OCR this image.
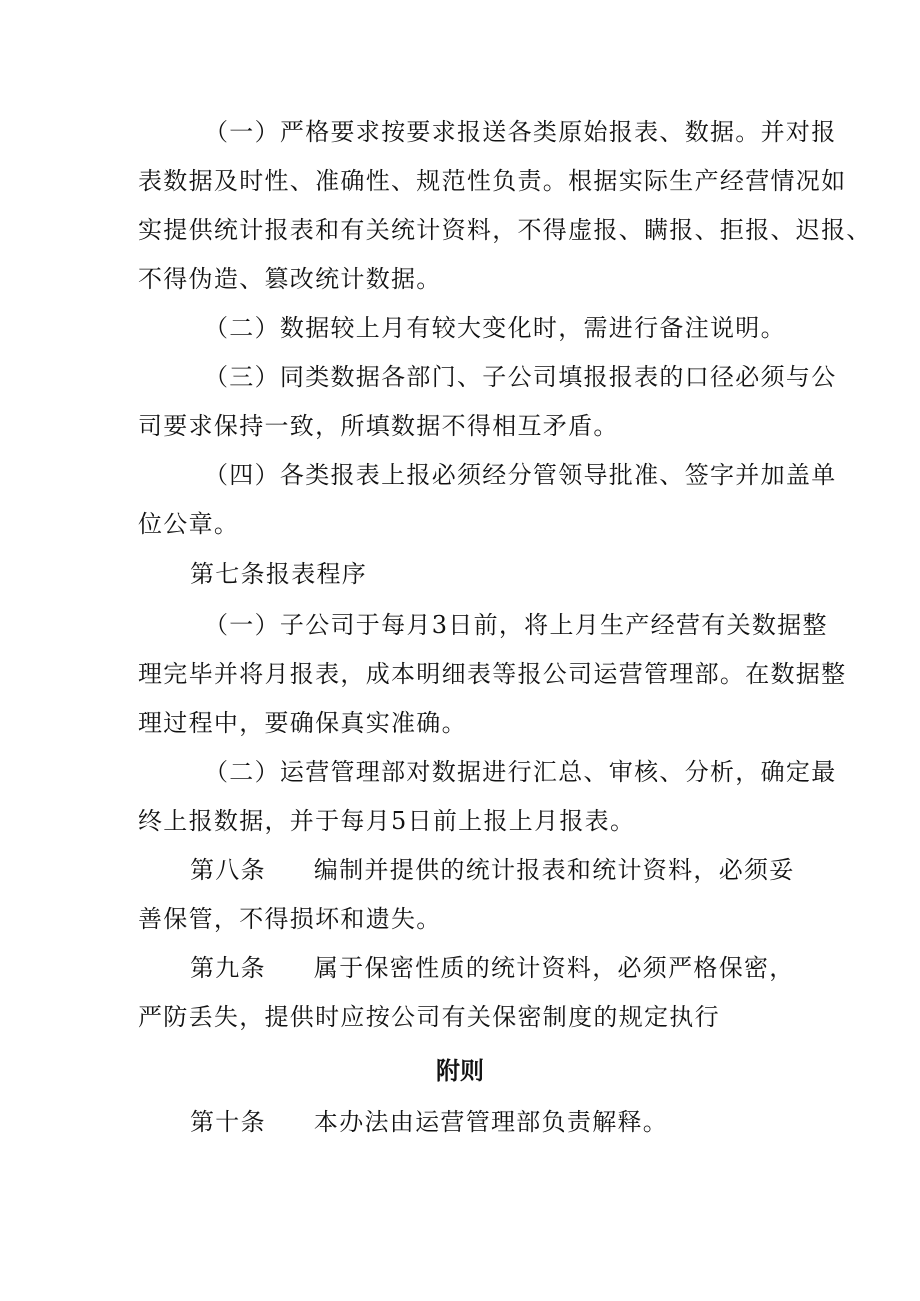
（一）严格要求按要求报送各类原始报表、数据。并对报
表数据及时性、准确性、规范性负责。根据实际生产经营情况如
实提供统计报表和有关统计资料，不得虚报、瞒报、拒报、迟报、
不得伪造、篡改统计数据。
（二）数据较上月有较大变化时，需进行备注说明。
（三）同类数据各部门、子公司填报报表的口径必须与公
司要求保持一致，所填数据不得相互矛盾。
（四）各类报表上报必须经分管领导批准、签字并加盖单
位公章。
第七条报表程序
（一）子公司于每月3日前，将上月生产经营有关数据整
理完毕并将月报表，成本明细表等报公司运营管理部。在数据整
理过程中，要确保真实准确。
（二）运营管理部对数据进行汇总、审核、分析，确定最
终上报数据，并于每月5日前上报上月报表。
第八条 编制并提供的统计报表和统计资料，必须妥
善保管，不得损坏和遗失。
第九条 属于保密性质的统计资料，必须严格保密，
严防丢失，提供时应按公司有关保密制度的规定执行
附则
第十条 本办法由运营管理部负责解释。
